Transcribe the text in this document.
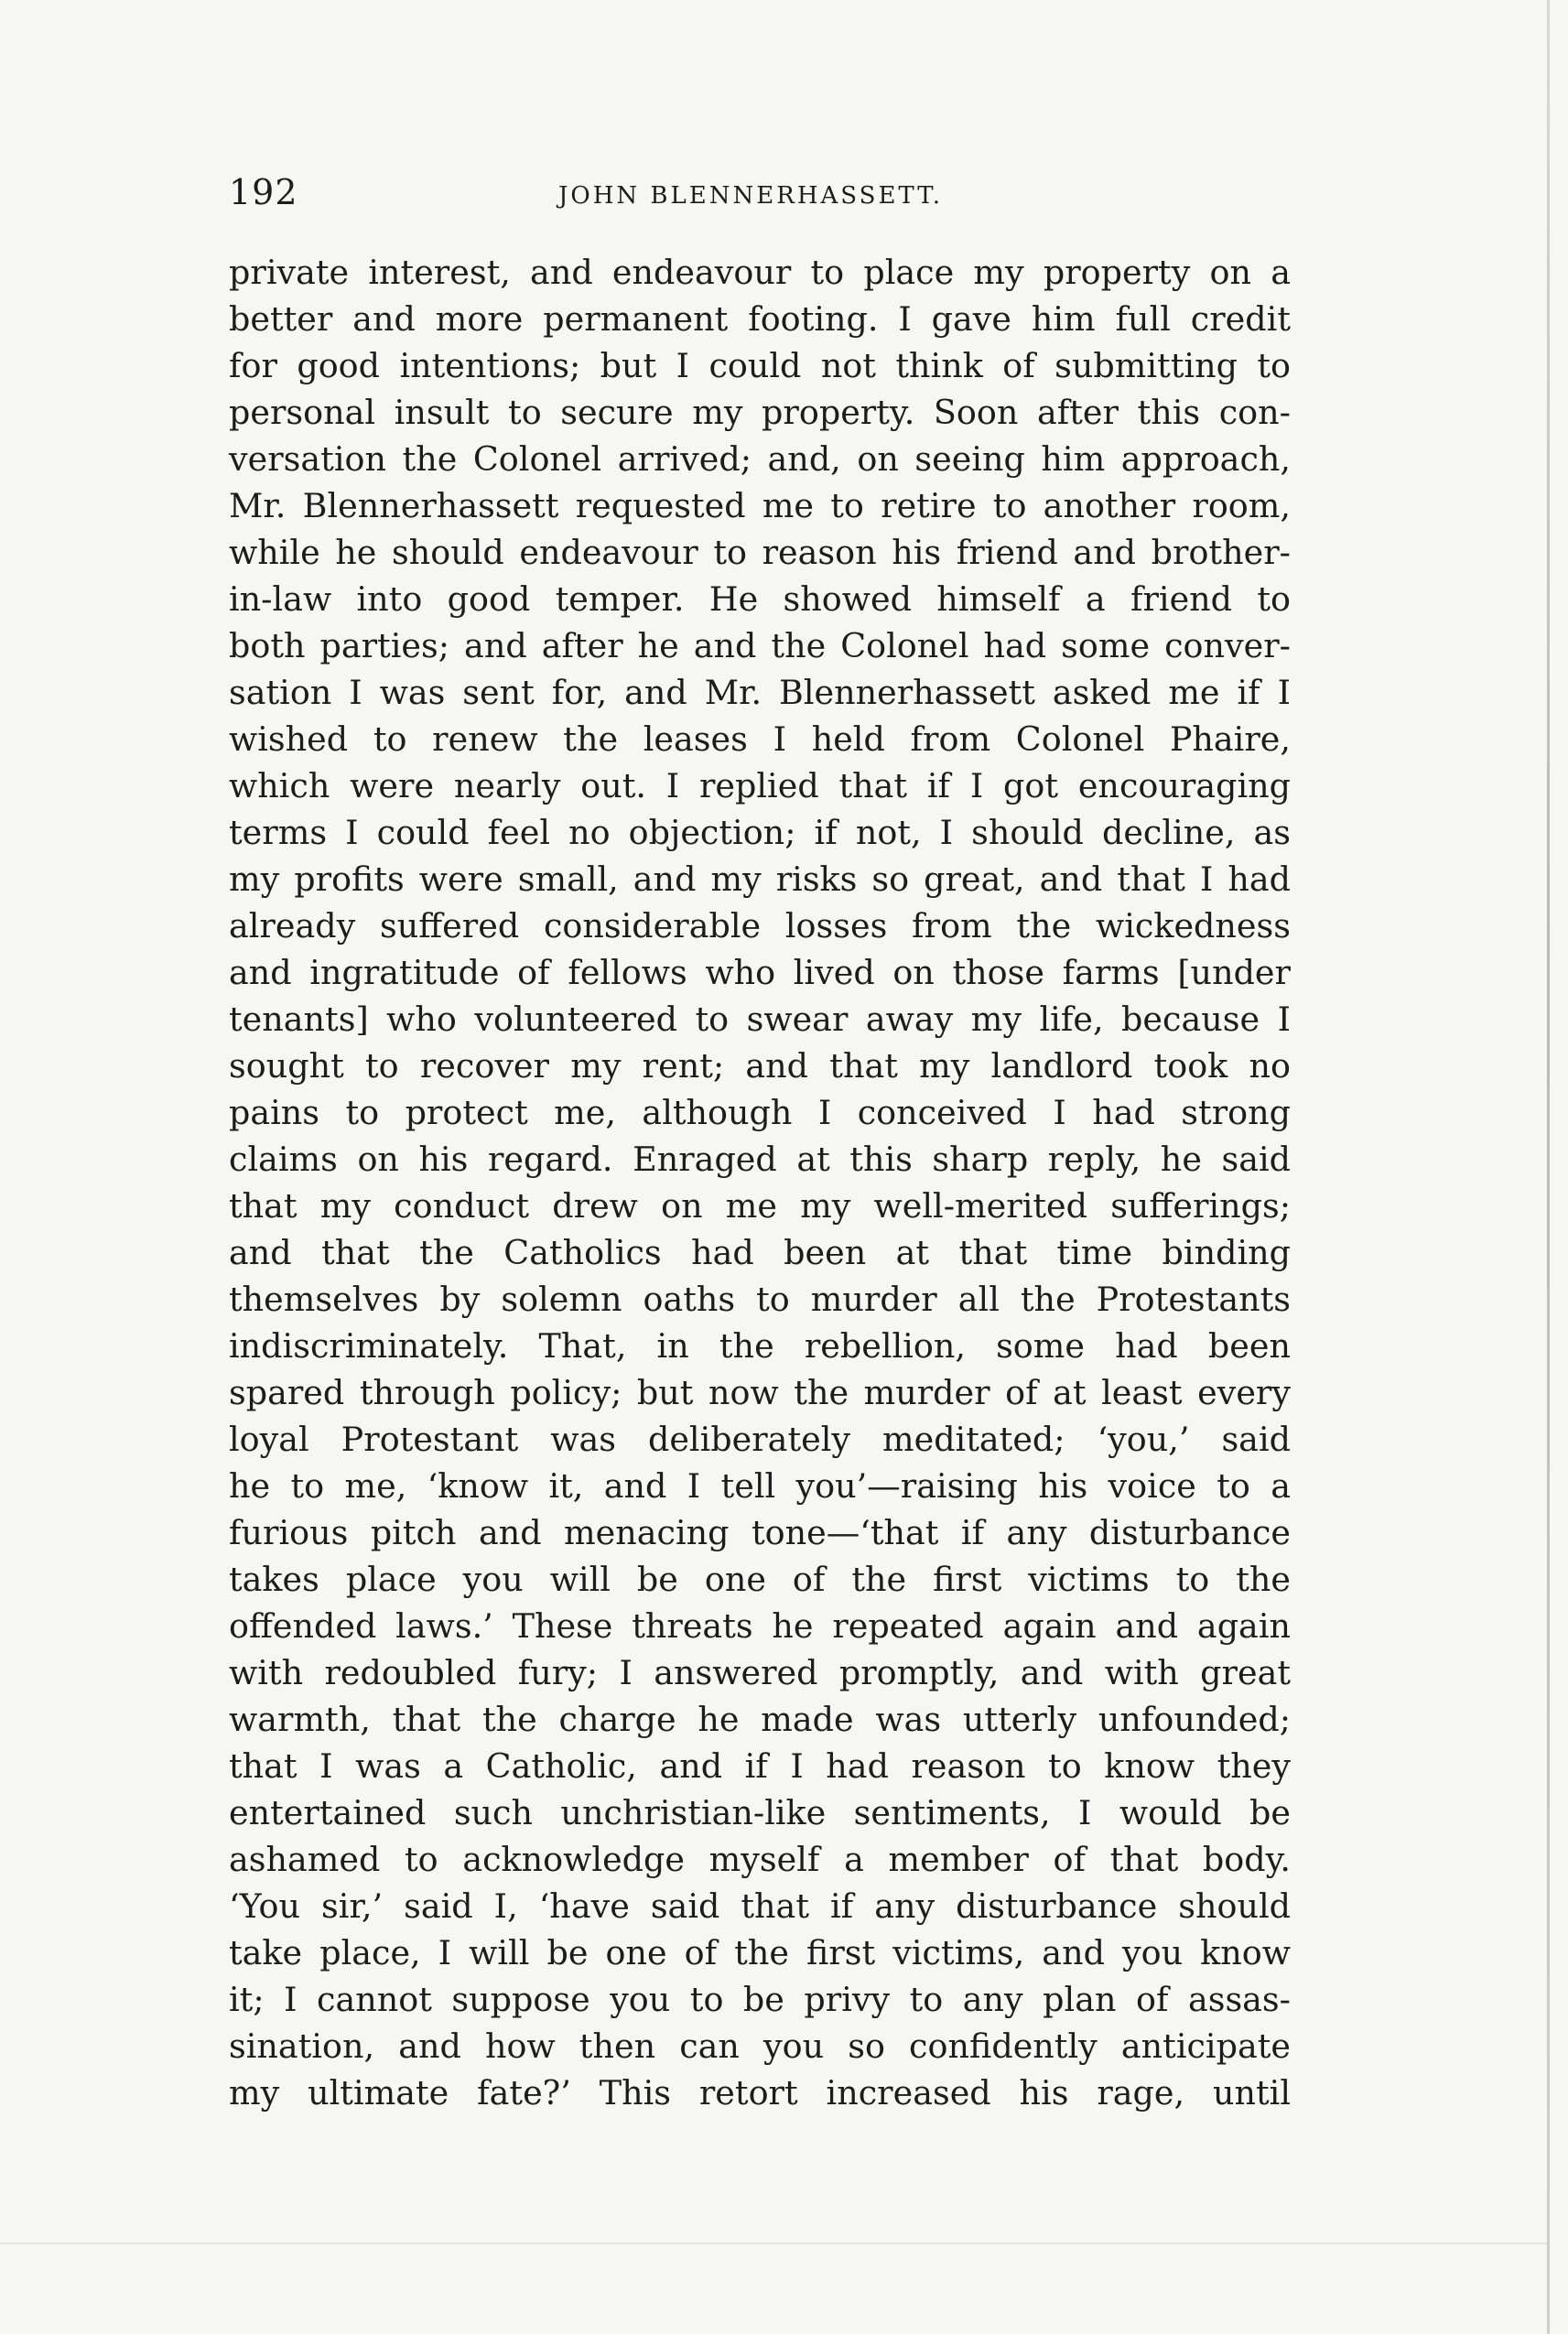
192	JOHN BLENNERHASSETT.
private interest, and endeavour to place my property on a
better and more permanent footing. I gave him full credit
for good intentions; but I could not think of submitting to
personal insult to secure my property. Soon after this con-
versation the Colonel arrived; and, on seeing him approach,
Mr. Blennerhassett requested me to retire to another room,
while he should endeavour to reason his friend and brother-
in-law into good temper. He showed himself a friend to
both parties; and after he and the Colonel had some conver-
sation I was sent for, and Mr. Blennerhassett asked me if I
wished to renew the leases I held from Colonel Phaire,
which were nearly out. I replied that if I got encouraging
terms I could feel no objection; if not, I should decline, as
my profits were small, and my risks so great, and that I had
already suffered considerable losses from the wickedness
and ingratitude of fellows who lived on those farms [under
tenants] who volunteered to swear away my life, because I
sought to recover my rent; and that my landlord took no
pains to protect me, although I conceived I had strong
claims on his regard. Enraged at this sharp reply, he said
that my conduct drew on me my well-merited sufferings;
and that the Catholics had been at that time binding
themselves by solemn oaths to murder all the Protestants
indiscriminately. That, in the rebellion, some had been
spared through policy; but now the murder of at least every
loyal Protestant was deliberately meditated; ‘you,’ said
he to me, ‘know it, and I tell you’—raising his voice to a
furious pitch and menacing tone—‘that if any disturbance
takes place you will be one of the first victims to the
offended laws.’ These threats he repeated again and again
with redoubled fury; I answered promptly, and with great
warmth, that the charge he made was utterly unfounded;
that I was a Catholic, and if I had reason to know they
entertained such unchristian-like sentiments, I would be
ashamed to acknowledge myself a member of that body.
‘You sir,’ said I, ‘have said that if any disturbance should
take place, I will be one of the first victims, and you know
it; I cannot suppose you to be privy to any plan of assas-
sination, and how then can you so confidently anticipate
my ultimate fate?’ This retort increased his rage, until
